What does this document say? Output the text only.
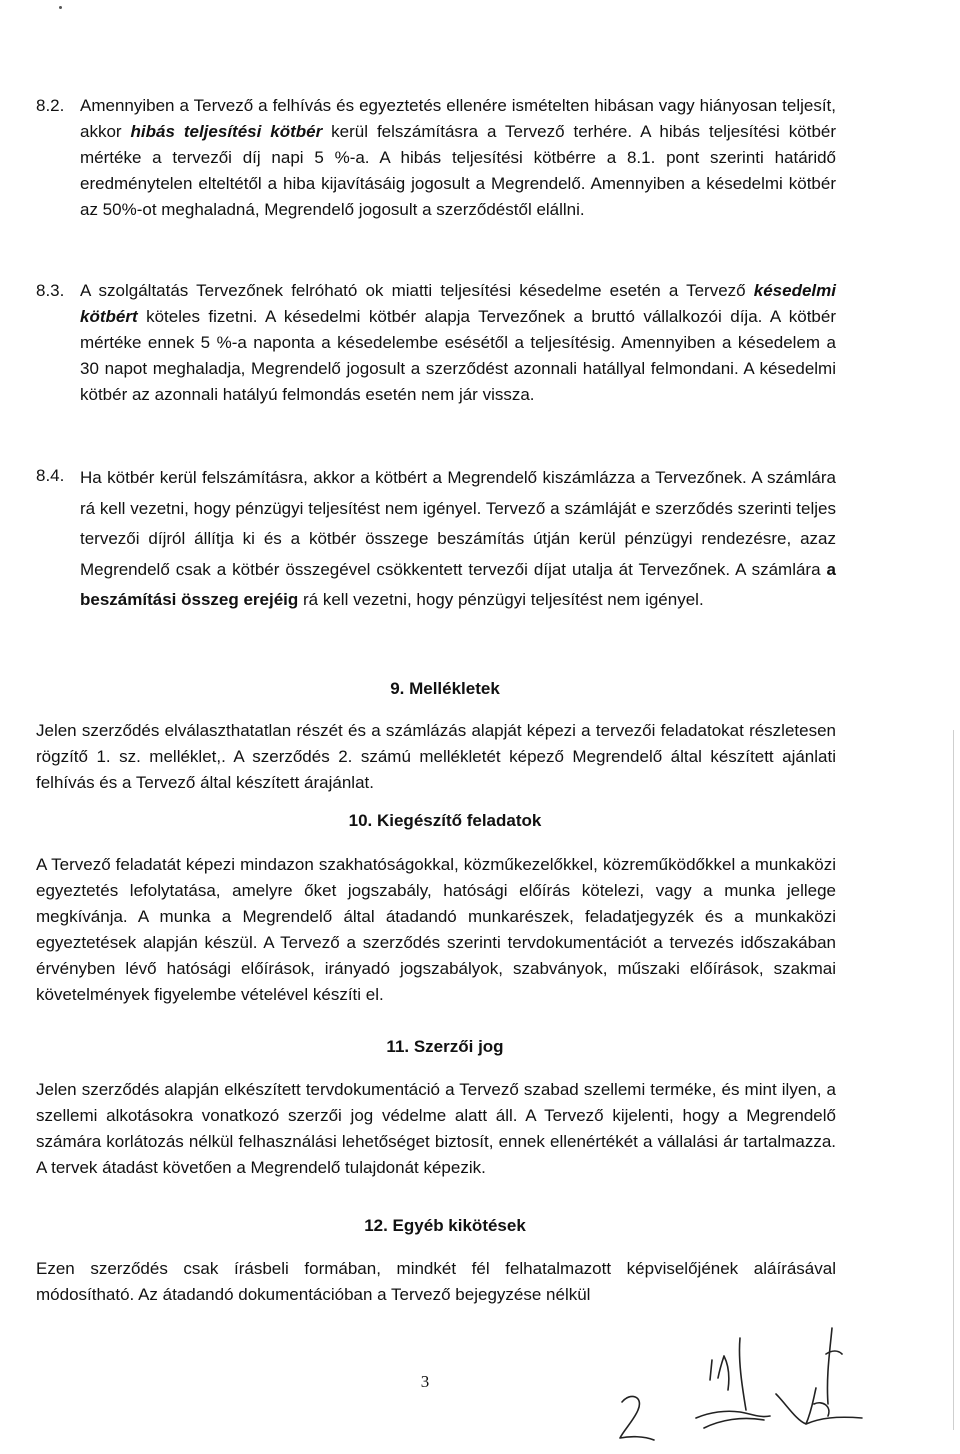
8.2. Amennyiben a Tervező a felhívás és egyeztetés ellenére ismételten hibásan vagy hiányosan teljesít, akkor hibás teljesítési kötbér kerül felszámításra a Tervező terhére. A hibás teljesítési kötbér mértéke a tervezői díj napi 5 %-a. A hibás teljesítési kötbérre a 8.1. pont szerinti határidő eredménytelen elteltétől a hiba kijavításáig jogosult a Megrendelő. Amennyiben a késedelmi kötbér az 50%-ot meghaladná, Megrendelő jogosult a szerződéstől elállni.

8.3. A szolgáltatás Tervezőnek felróható ok miatti teljesítési késedelme esetén a Tervező késedelmi kötbért köteles fizetni. A késedelmi kötbér alapja Tervezőnek a bruttó vállalkozói díja. A kötbér mértéke ennek 5 %-a naponta a késedelembe esésétől a teljesítésig. Amennyiben a késedelem a 30 napot meghaladja, Megrendelő jogosult a szerződést azonnali hatállyal felmondani. A késedelmi kötbér az azonnali hatályú felmondás esetén nem jár vissza.

8.4. Ha kötbér kerül felszámításra, akkor a kötbért a Megrendelő kiszámlázza a Tervezőnek. A számlára rá kell vezetni, hogy pénzügyi teljesítést nem igényel. Tervező a számláját e szerződés szerinti teljes tervezői díjról állítja ki és a kötbér összege beszámítás útján kerül pénzügyi rendezésre, azaz Megrendelő csak a kötbér összegével csökkentett tervezői díjat utalja át Tervezőnek. A számlára a beszámítási összeg erejéig rá kell vezetni, hogy pénzügyi teljesítést nem igényel.

9. Mellékletek

Jelen szerződés elválaszthatatlan részét és a számlázás alapját képezi a tervezői feladatokat részletesen rögzítő 1. sz. melléklet,. A szerződés 2. számú mellékletét képező Megrendelő által készített ajánlati felhívás és a Tervező által készített árajánlat.

10. Kiegészítő feladatok

A Tervező feladatát képezi mindazon szakhatóságokkal, közműkezelőkkel, közreműködőkkel a munkaközi egyeztetés lefolytatása, amelyre őket jogszabály, hatósági előírás kötelezi, vagy a munka jellege megkívánja. A munka a Megrendelő által átadandó munkarészek, feladatjegyzék és a munkaközi egyeztetések alapján készül. A Tervező a szerződés szerinti tervdokumentációt a tervezés időszakában érvényben lévő hatósági előírások, irányadó jogszabályok, szabványok, műszaki előírások, szakmai követelmények figyelembe vételével készíti el.

11. Szerzői jog

Jelen szerződés alapján elkészített tervdokumentáció a Tervező szabad szellemi terméke, és mint ilyen, a szellemi alkotásokra vonatkozó szerzői jog védelme alatt áll. A Tervező kijelenti, hogy a Megrendelő számára korlátozás nélkül felhasználási lehetőséget biztosít, ennek ellenértékét a vállalási ár tartalmazza. A tervek átadást követően a Megrendelő tulajdonát képezik.

12. Egyéb kikötések

Ezen szerződés csak írásbeli formában, mindkét fél felhatalmazott képviselőjének aláírásával módosítható. Az átadandó dokumentációban a Tervező bejegyzése nélkül

3
